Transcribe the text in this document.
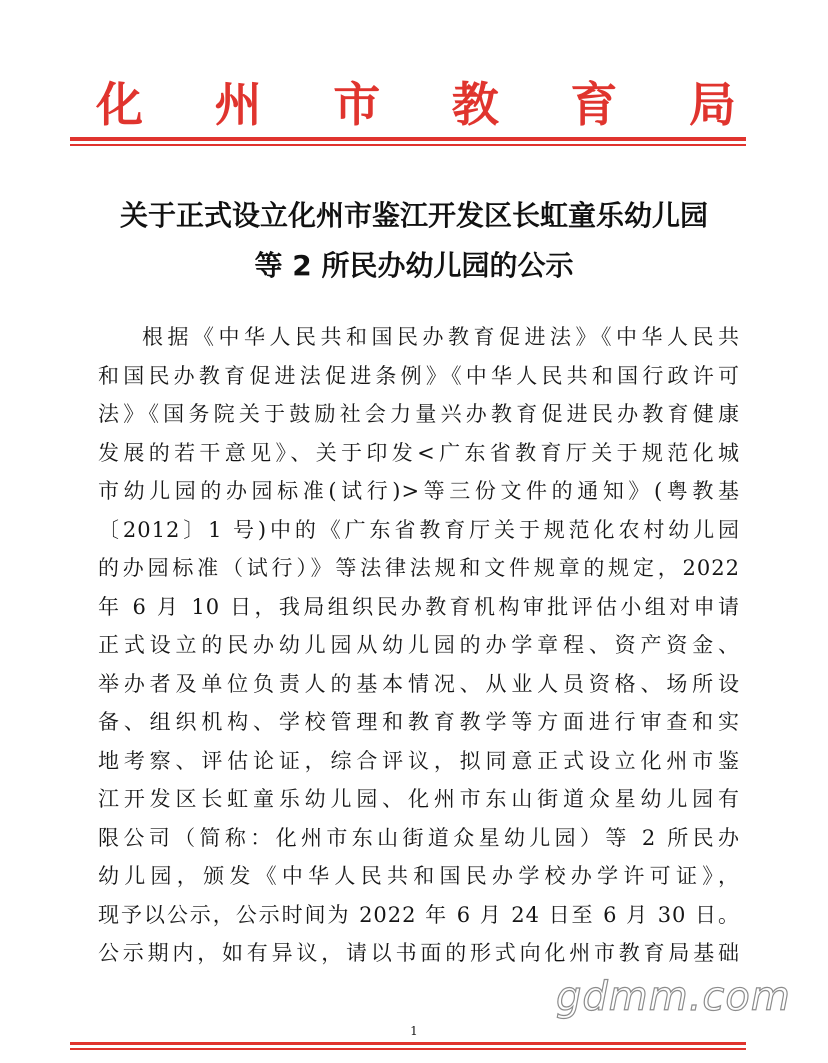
化 州 市 教 育 局
关于正式设立化州市鉴江开发区长虹童乐幼儿园
等 2 所民办幼儿园的公示
根据《中华人民共和国民办教育促进法》《中华人民共
和国民办教育促进法促进条例》《中华人民共和国行政许可
法》《国务院关于鼓励社会力量兴办教育促进民办教育健康
发展的若干意见》、关于印发<广东省教育厅关于规范化城
市幼儿园的办园标准(试行)>等三份文件的通知》(粤教基
〔2012〕1 号)中的《广东省教育厅关于规范化农村幼儿园
的办园标准（试行）》等法律法规和文件规章的规定，2022
年 6 月 10 日，我局组织民办教育机构审批评估小组对申请
正式设立的民办幼儿园从幼儿园的办学章程、资产资金、
举办者及单位负责人的基本情况、从业人员资格、场所设
备、组织机构、学校管理和教育教学等方面进行审查和实
地考察、评估论证，综合评议，拟同意正式设立化州市鉴
江开发区长虹童乐幼儿园、化州市东山街道众星幼儿园有
限公司（简称：化州市东山街道众星幼儿园）等 2 所民办
幼儿园，颁发《中华人民共和国民办学校办学许可证》，
现予以公示，公示时间为 2022 年 6 月 24 日至 6 月 30 日。
公示期内，如有异议，请以书面的形式向化州市教育局基础
1
gdmm.com
